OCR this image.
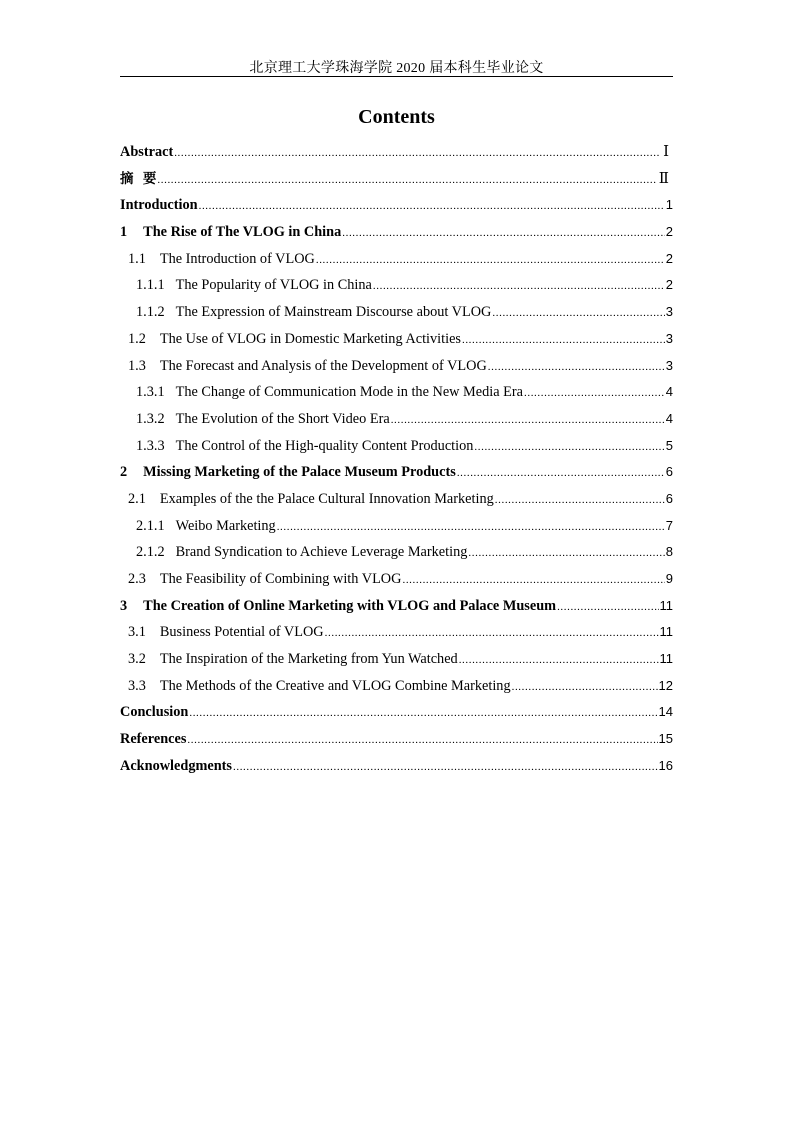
北京理工大学珠海学院 2020 届本科生毕业论文
Contents
Abstract .....	Ⅰ
摘  要 .....	Ⅱ
Introduction .....	1
1 The Rise of The VLOG in China .....	2
1.1 The Introduction of VLOG .....	2
1.1.1 The Popularity of VLOG in China .....	2
1.1.2 The Expression of Mainstream Discourse about VLOG .....	3
1.2 The Use of VLOG in Domestic Marketing Activities .....	3
1.3 The Forecast and Analysis of the Development of VLOG .....	3
1.3.1 The Change of Communication Mode in the New Media Era .....	4
1.3.2 The Evolution of the Short Video Era .....	4
1.3.3 The Control of the High-quality Content Production .....	5
2 Missing Marketing of the Palace Museum Products .....	6
2.1 Examples of the the Palace Cultural Innovation Marketing .....	6
2.1.1 Weibo Marketing .....	7
2.1.2 Brand Syndication to Achieve Leverage Marketing .....	8
2.3 The Feasibility of Combining with VLOG .....	9
3 The Creation of Online Marketing with VLOG and Palace Museum .....	11
3.1 Business Potential of VLOG .....	11
3.2 The Inspiration of the Marketing from Yun Watched .....	11
3.3 The Methods of the Creative and VLOG Combine Marketing .....	12
Conclusion .....	14
References .....	15
Acknowledgments .....	16
